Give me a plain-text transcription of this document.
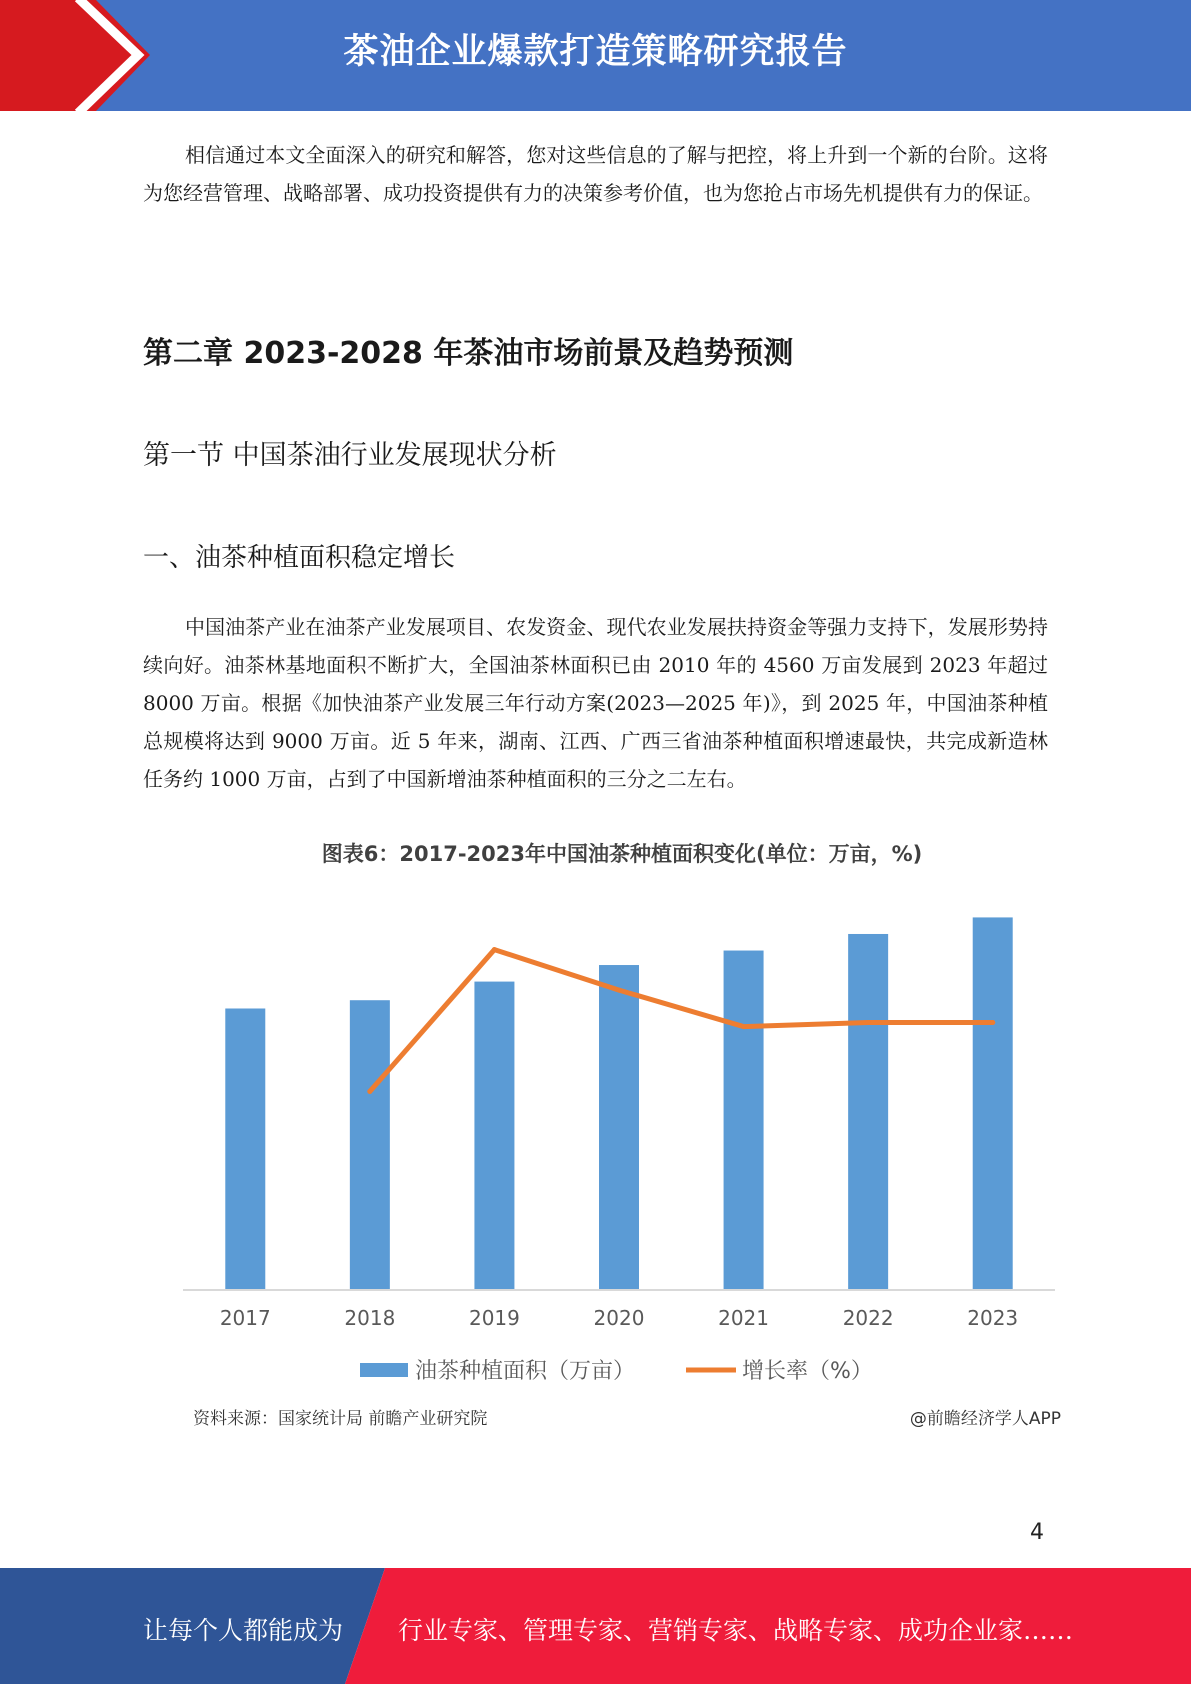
茶油企业爆款打造策略研究报告

相信通过本文全面深入的研究和解答，您对这些信息的了解与把控，将上升到一个新的台阶。这将为您经营管理、战略部署、成功投资提供有力的决策参考价值，也为您抢占市场先机提供有力的保证。

第二章 2023-2028 年茶油市场前景及趋势预测
第一节 中国茶油行业发展现状分析
一、油茶种植面积稳定增长

中国油茶产业在油茶产业发展项目、农发资金、现代农业发展扶持资金等强力支持下，发展形势持续向好。油茶林基地面积不断扩大，全国油茶林面积已由 2010 年的 4560 万亩发展到 2023 年超过 8000 万亩。根据《加快油茶产业发展三年行动方案(2023—2025 年)》，到 2025 年，中国油茶种植总规模将达到 9000 万亩。近 5 年来，湖南、江西、广西三省油茶种植面积增速最快，共完成新造林任务约 1000 万亩，占到了中国新增油茶种植面积的三分之二左右。

图表6：2017-2023年中国油茶种植面积变化(单位：万亩，%)
2017	2018	2019	2020	2021	2022	2023
油茶种植面积（万亩）	增长率（%）
资料来源：国家统计局 前瞻产业研究院	@前瞻经济学人APP
4
让每个人都能成为 行业专家、管理专家、营销专家、战略专家、成功企业家……
